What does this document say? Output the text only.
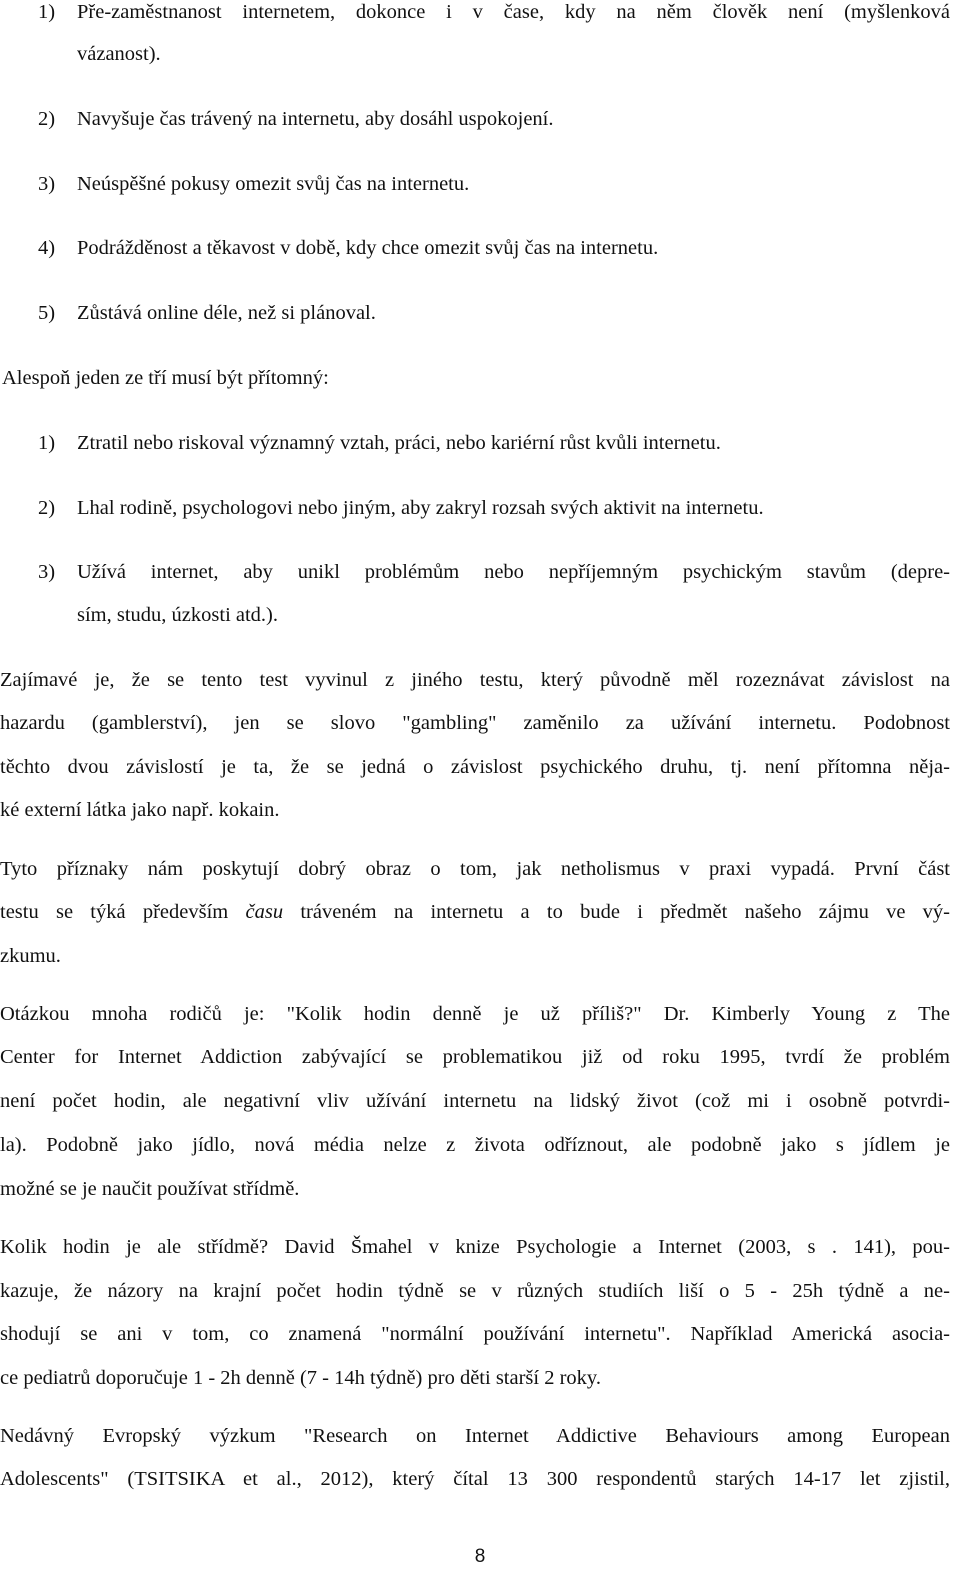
1) Pře-zaměstnanost internetem, dokonce i v čase, kdy na něm člověk není (myšlenková
vázanost).
2) Navyšuje čas trávený na internetu, aby dosáhl uspokojení.
3) Neúspěšné pokusy omezit svůj čas na internetu.
4) Podrážděnost a těkavost v době, kdy chce omezit svůj čas na internetu.
5) Zůstává online déle, než si plánoval.
Alespoň jeden ze tří musí být přítomný:
1) Ztratil nebo riskoval významný vztah, práci, nebo kariérní růst kvůli internetu.
2) Lhal rodině, psychologovi nebo jiným, aby zakryl rozsah svých aktivit na internetu.
3) Užívá internet, aby unikl problémům nebo nepříjemným psychickým stavům (depre-
sím, studu, úzkosti atd.).
Zajímavé je, že se tento test vyvinul z jiného testu, který původně měl rozeznávat závislost na
hazardu (gamblerství), jen se slovo "gambling" zaměnilo za užívání internetu. Podobnost
těchto dvou závislostí je ta, že se jedná o závislost psychického druhu, tj. není přítomna něja-
ké externí látka jako např. kokain.
Tyto příznaky nám poskytují dobrý obraz o tom, jak netholismus v praxi vypadá. První část
testu se týká především času tráveném na internetu a to bude i předmět našeho zájmu ve vý-
zkumu.
Otázkou mnoha rodičů je: "Kolik hodin denně je už příliš?" Dr. Kimberly Young z The
Center for Internet Addiction zabývající se problematikou již od roku 1995, tvrdí že problém
není počet hodin, ale negativní vliv užívání internetu na lidský život (což mi i osobně potvrdi-
la). Podobně jako jídlo, nová média nelze z života odříznout, ale podobně jako s jídlem je
možné se je naučit používat střídmě.
Kolik hodin je ale střídmě? David Šmahel v knize Psychologie a Internet (2003, s . 141), pou-
kazuje, že názory na krajní počet hodin týdně se v různých studiích liší o 5 - 25h týdně a ne-
shodují se ani v tom, co znamená "normální používání internetu". Například Americká asocia-
ce pediatrů doporučuje 1 - 2h denně (7 - 14h týdně) pro děti starší 2 roky.
Nedávný Evropský výzkum "Research on Internet Addictive Behaviours among European
Adolescents" (TSITSIKA et al., 2012), který čítal 13 300 respondentů starých 14-17 let zjistil,
8
